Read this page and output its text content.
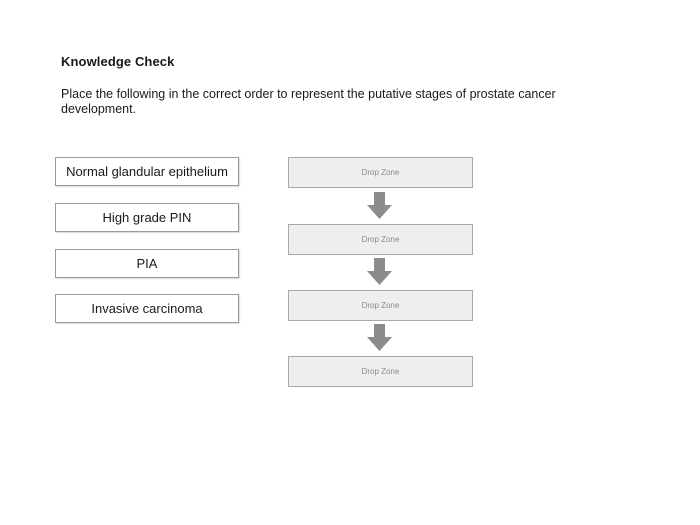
Knowledge Check
Place the following in the correct order to represent the putative stages of prostate cancer development.
Normal glandular epithelium
High grade PIN
PIA
Invasive carcinoma
Drop Zone
Drop Zone
Drop Zone
Drop Zone
